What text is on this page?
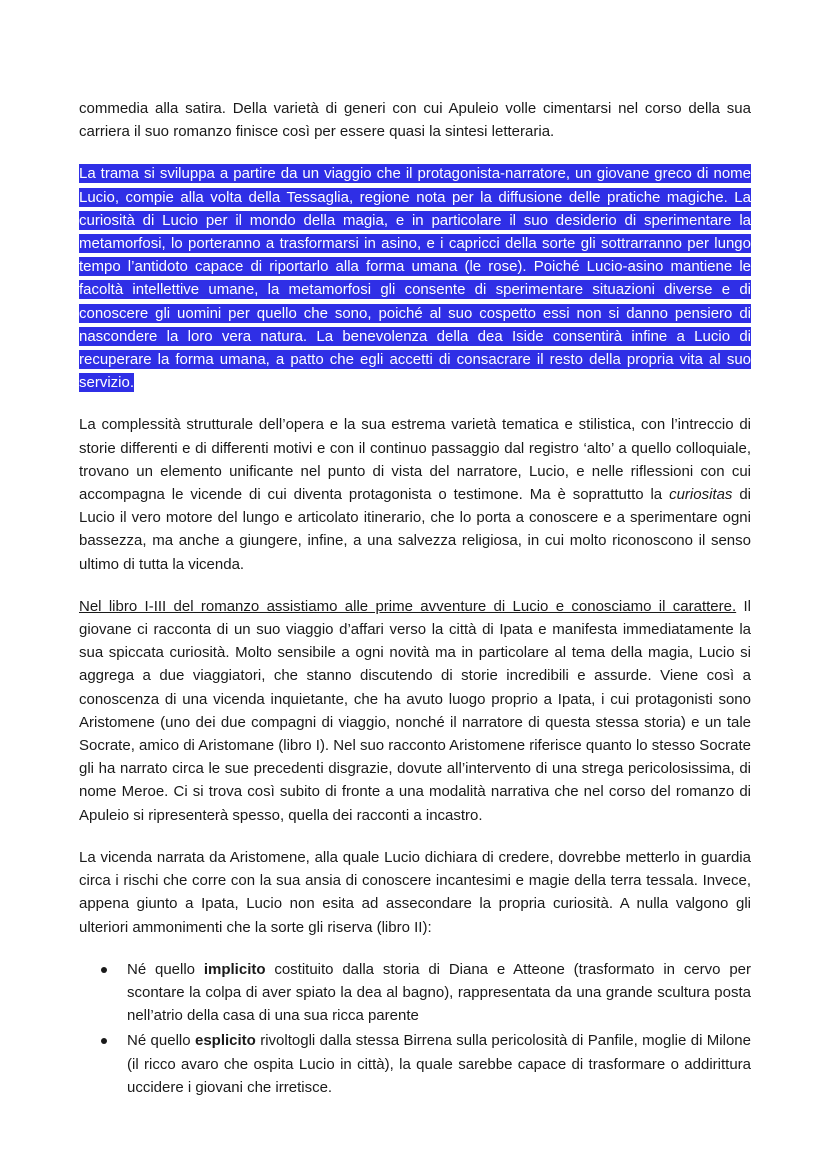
commedia alla satira. Della varietà di generi con cui Apuleio volle cimentarsi nel corso della sua carriera il suo romanzo finisce così per essere quasi la sintesi letteraria.

La trama si sviluppa a partire da un viaggio che il protagonista-narratore, un giovane greco di nome Lucio, compie alla volta della Tessaglia, regione nota per la diffusione delle pratiche magiche. La curiosità di Lucio per il mondo della magia, e in particolare il suo desiderio di sperimentare la metamorfosi, lo porteranno a trasformarsi in asino, e i capricci della sorte gli sottrarranno per lungo tempo l’antidoto capace di riportarlo alla forma umana (le rose). Poiché Lucio-asino mantiene le facoltà intellettive umane, la metamorfosi gli consente di sperimentare situazioni diverse e di conoscere gli uomini per quello che sono, poiché al suo cospetto essi non si danno pensiero di nascondere la loro vera natura. La benevolenza della dea Iside consentirà infine a Lucio di recuperare la forma umana, a patto che egli accetti di consacrare il resto della propria vita al suo servizio.

La complessità strutturale dell’opera e la sua estrema varietà tematica e stilistica, con l’intreccio di storie differenti e di differenti motivi e con il continuo passaggio dal registro ‘alto’ a quello colloquiale, trovano un elemento unificante nel punto di vista del narratore, Lucio, e nelle riflessioni con cui accompagna le vicende di cui diventa protagonista o testimone. Ma è soprattutto la curiositas di Lucio il vero motore del lungo e articolato itinerario, che lo porta a conoscere e a sperimentare ogni bassezza, ma anche a giungere, infine, a una salvezza religiosa, in cui molto riconoscono il senso ultimo di tutta la vicenda.

Nel libro I-III del romanzo assistiamo alle prime avventure di Lucio e conosciamo il carattere. Il giovane ci racconta di un suo viaggio d’affari verso la città di Ipata e manifesta immediatamente la sua spiccata curiosità. Molto sensibile a ogni novità ma in particolare al tema della magia, Lucio si aggrega a due viaggiatori, che stanno discutendo di storie incredibili e assurde. Viene così a conoscenza di una vicenda inquietante, che ha avuto luogo proprio a Ipata, i cui protagonisti sono Aristomene (uno dei due compagni di viaggio, nonché il narratore di questa stessa storia) e un tale Socrate, amico di Aristomane (libro I). Nel suo racconto Aristomene riferisce quanto lo stesso Socrate gli ha narrato circa le sue precedenti disgrazie, dovute all’intervento di una strega pericolosissima, di nome Meroe. Ci si trova così subito di fronte a una modalità narrativa che nel corso del romanzo di Apuleio si ripresenterà spesso, quella dei racconti a incastro.

La vicenda narrata da Aristomene, alla quale Lucio dichiara di credere, dovrebbe metterlo in guardia circa i rischi che corre con la sua ansia di conoscere incantesimi e magie della terra tessala. Invece, appena giunto a Ipata, Lucio non esita ad assecondare la propria curiosità. A nulla valgono gli ulteriori ammonimenti che la sorte gli riserva (libro II):

Né quello implicito costituito dalla storia di Diana e Atteone (trasformato in cervo per scontare la colpa di aver spiato la dea al bagno), rappresentata da una grande scultura posta nell’atrio della casa di una sua ricca parente
Né quello esplicito rivoltogli dalla stessa Birrena sulla pericolosità di Panfile, moglie di Milone (il ricco avaro che ospita Lucio in città), la quale sarebbe capace di trasformare o addirittura uccidere i giovani che irretisce.
